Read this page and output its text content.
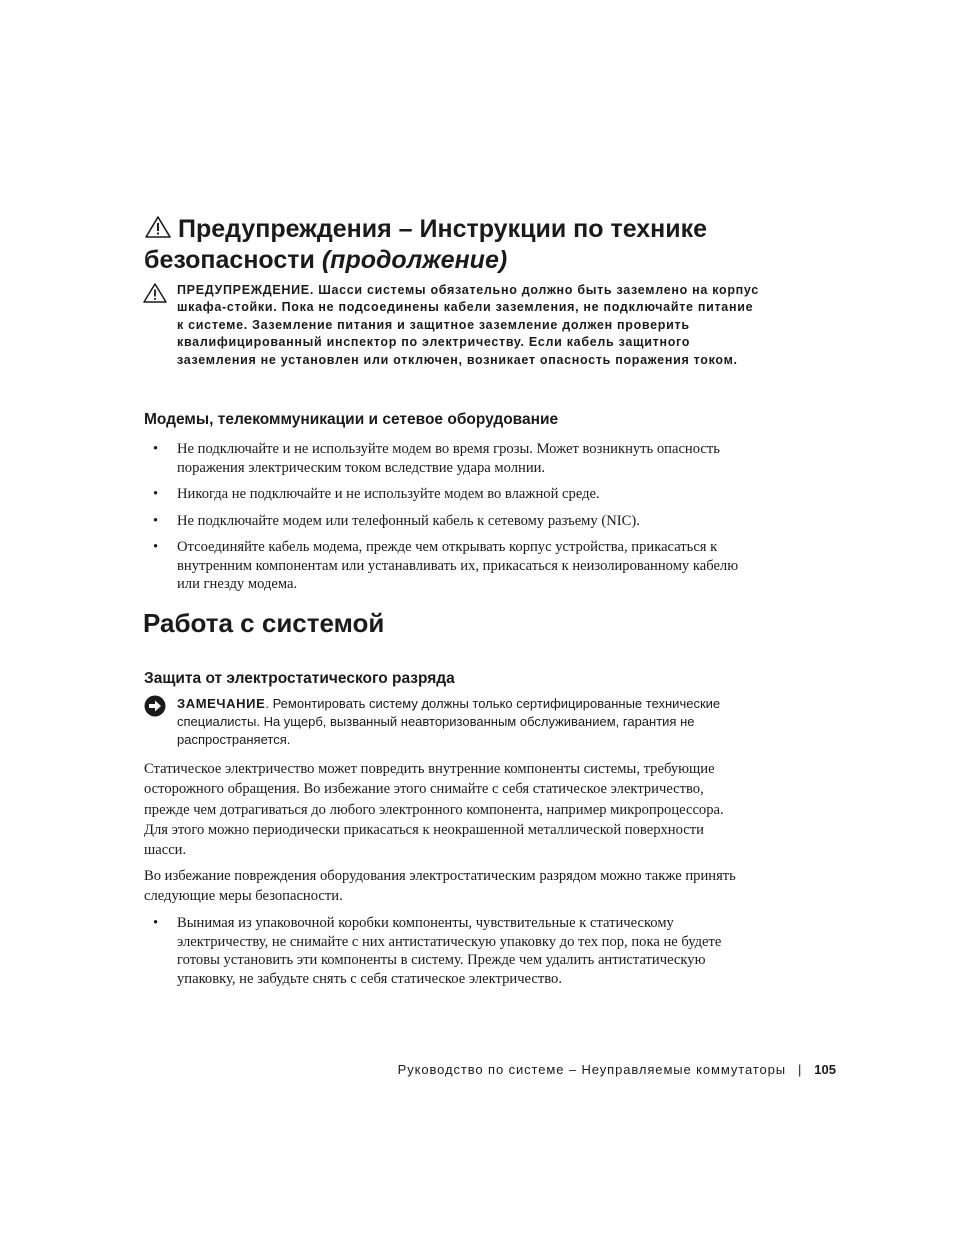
Предупреждения – Инструкции по технике безопасности (продолжение)

ПРЕДУПРЕЖДЕНИЕ. Шасси системы обязательно должно быть заземлено на корпус шкафа-стойки. Пока не подсоединены кабели заземления, не подключайте питание к системе. Заземление питания и защитное заземление должен проверить квалифицированный инспектор по электричеству. Если кабель защитного заземления не установлен или отключен, возникает опасность поражения током.

Модемы, телекоммуникации и сетевое оборудование
• Не подключайте и не используйте модем во время грозы. Может возникнуть опасность поражения электрическим током вследствие удара молнии.
• Никогда не подключайте и не используйте модем во влажной среде.
• Не подключайте модем или телефонный кабель к сетевому разъему (NIC).
• Отсоединяйте кабель модема, прежде чем открывать корпус устройства, прикасаться к внутренним компонентам или устанавливать их, прикасаться к неизолированному кабелю или гнезду модема.
Работа с системой
Защита от электростатического разряда

ЗАМЕЧАНИЕ. Ремонтировать систему должны только сертифицированные технические специалисты. На ущерб, вызванный неавторизованным обслуживанием, гарантия не распространяется.

Статическое электричество может повредить внутренние компоненты системы, требующие осторожного обращения. Во избежание этого снимайте с себя статическое электричество, прежде чем дотрагиваться до любого электронного компонента, например микропроцессора. Для этого можно периодически прикасаться к неокрашенной металлической поверхности шасси.

Во избежание повреждения оборудования электростатическим разрядом можно также принять следующие меры безопасности.

• Вынимая из упаковочной коробки компоненты, чувствительные к статическому электричеству, не снимайте с них антистатическую упаковку до тех пор, пока не будете готовы установить эти компоненты в систему. Прежде чем удалить антистатическую упаковку, не забудьте снять с себя статическое электричество.

Руководство по системе – Неуправляемые коммутаторы | 105
